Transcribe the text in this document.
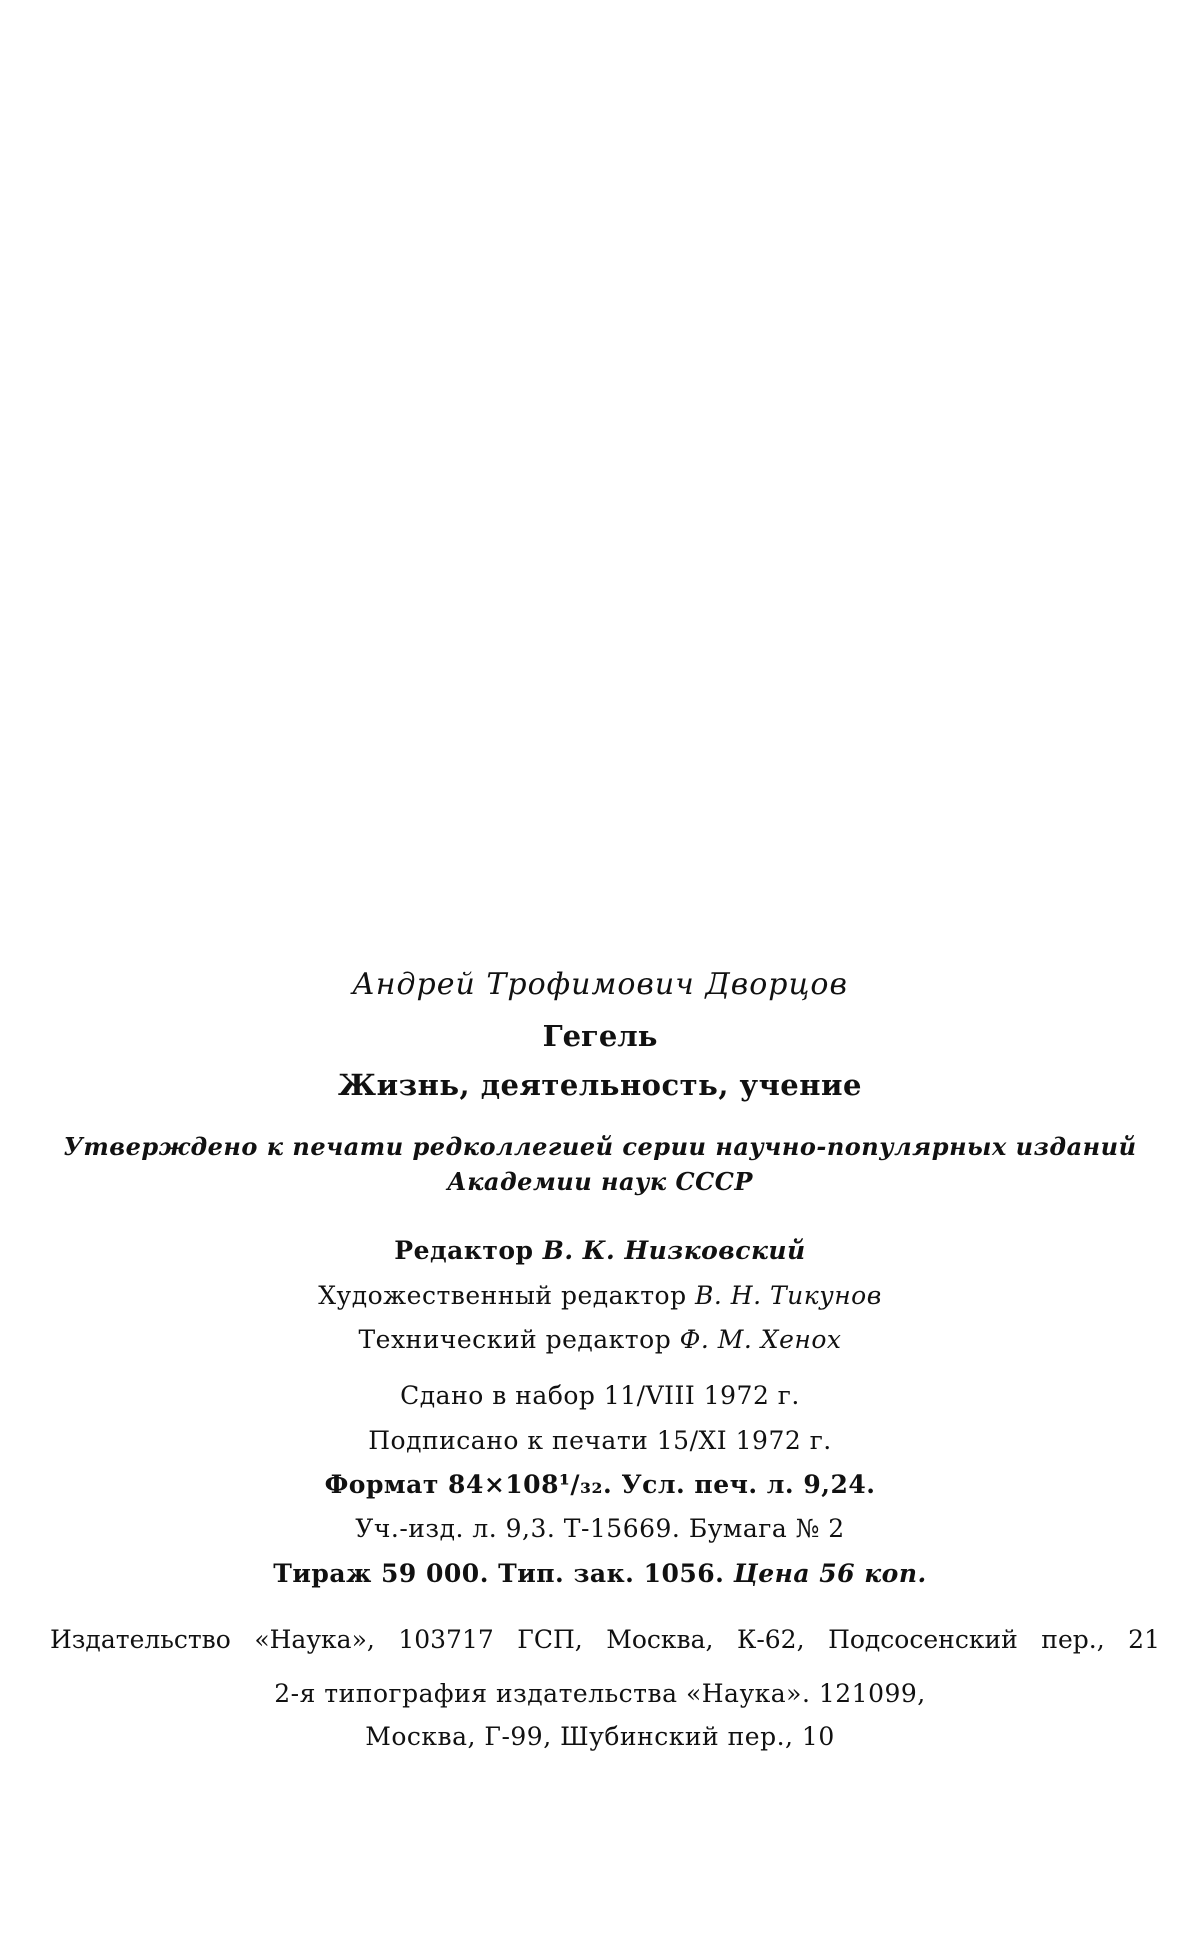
Андрей Трофимович Дворцов
Гегель
Жизнь, деятельность, учение
Утверждено к печати редколлегией серии научно-популярных изданий
Академии наук СССР
Редактор В. К. Низковский
Художественный редактор В. Н. Тикунов
Технический редактор Ф. М. Хенох
Сдано в набор 11/VIII 1972 г.
Подписано к печати 15/XI 1972 г.
Формат 84×108¹/₃₂. Усл. печ. л. 9,24.
Уч.-изд. л. 9,3. Т-15669. Бумага № 2
Тираж 59 000. Тип. зак. 1056. Цена 56 коп.
Издательство «Наука», 103717 ГСП, Москва, К-62, Подсосенский пер., 21
2-я типография издательства «Наука». 121099,
Москва, Г-99, Шубинский пер., 10
